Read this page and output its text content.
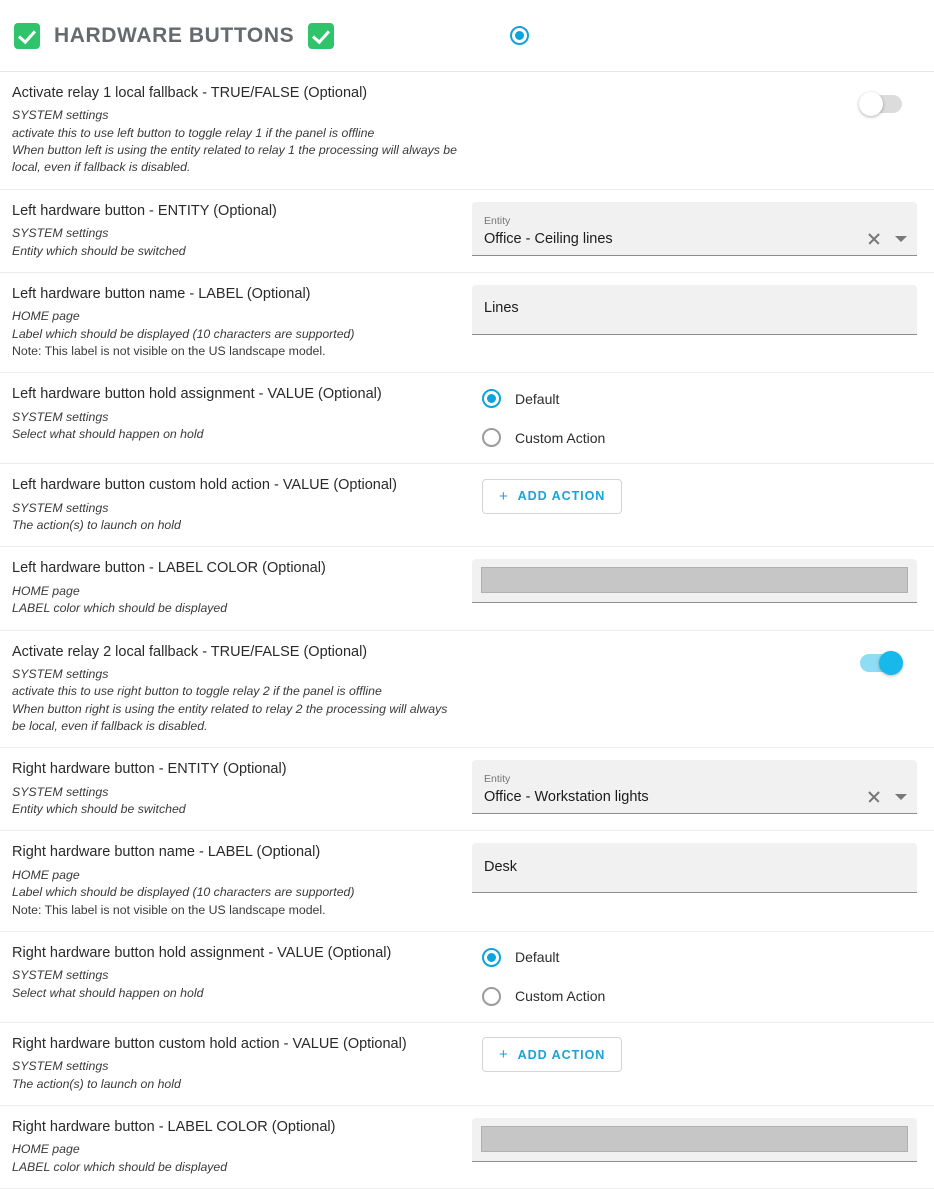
HARDWARE BUTTONS
Activate relay 1 local fallback - TRUE/FALSE (Optional)
SYSTEM settings
activate this to use left button to toggle relay 1 if the panel is offline
When button left is using the entity related to relay 1 the processing will always be local, even if fallback is disabled.
Left hardware button - ENTITY (Optional)
SYSTEM settings
Entity which should be switched
Entity
Office - Ceiling lines
Left hardware button name - LABEL (Optional)
HOME page
Label which should be displayed (10 characters are supported)
Note: This label is not visible on the US landscape model.
Lines
Left hardware button hold assignment - VALUE (Optional)
SYSTEM settings
Select what should happen on hold
Default
Custom Action
Left hardware button custom hold action - VALUE (Optional)
SYSTEM settings
The action(s) to launch on hold
+ ADD ACTION
Left hardware button - LABEL COLOR (Optional)
HOME page
LABEL color which should be displayed
Activate relay 2 local fallback - TRUE/FALSE (Optional)
SYSTEM settings
activate this to use right button to toggle relay 2 if the panel is offline
When button right is using the entity related to relay 2 the processing will always be local, even if fallback is disabled.
Right hardware button - ENTITY (Optional)
SYSTEM settings
Entity which should be switched
Entity
Office - Workstation lights
Right hardware button name - LABEL (Optional)
HOME page
Label which should be displayed (10 characters are supported)
Note: This label is not visible on the US landscape model.
Desk
Right hardware button hold assignment - VALUE (Optional)
SYSTEM settings
Select what should happen on hold
Default
Custom Action
Right hardware button custom hold action - VALUE (Optional)
SYSTEM settings
The action(s) to launch on hold
+ ADD ACTION
Right hardware button - LABEL COLOR (Optional)
HOME page
LABEL color which should be displayed
